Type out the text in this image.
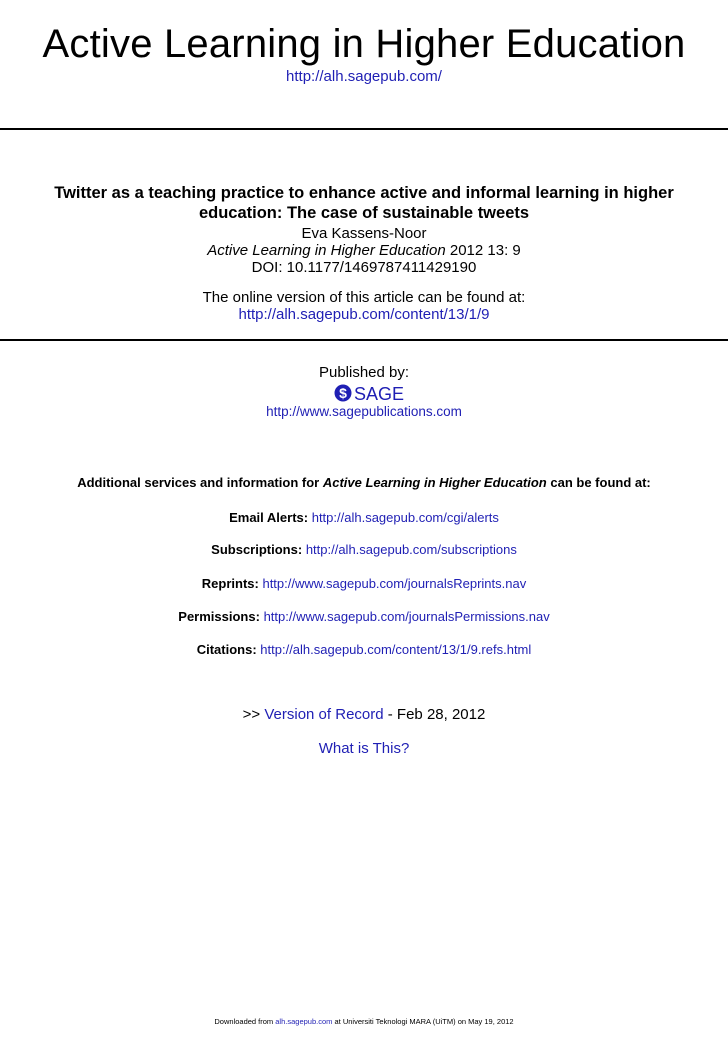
Active Learning in Higher Education
http://alh.sagepub.com/
Twitter as a teaching practice to enhance active and informal learning in higher
education: The case of sustainable tweets
Eva Kassens-Noor
Active Learning in Higher Education 2012 13: 9
DOI: 10.1177/1469787411429190
The online version of this article can be found at:
http://alh.sagepub.com/content/13/1/9
Published by:
$ SAGE
http://www.sagepublications.com
Additional services and information for Active Learning in Higher Education can be found at:
Email Alerts: http://alh.sagepub.com/cgi/alerts
Subscriptions: http://alh.sagepub.com/subscriptions
Reprints: http://www.sagepub.com/journalsReprints.nav
Permissions: http://www.sagepub.com/journalsPermissions.nav
Citations: http://alh.sagepub.com/content/13/1/9.refs.html
>> Version of Record - Feb 28, 2012
What is This?
Downloaded from alh.sagepub.com at Universiti Teknologi MARA (UiTM) on May 19, 2012
